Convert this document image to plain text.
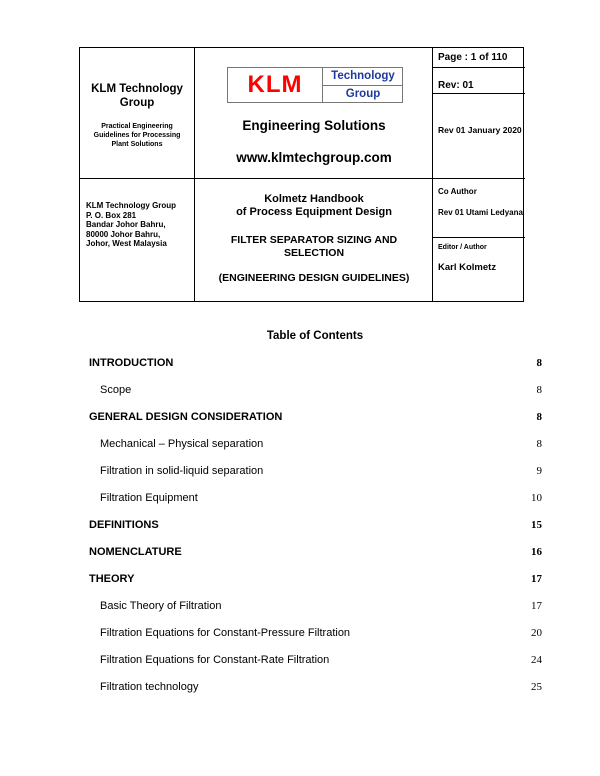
KLM Technology
Group
Practical Engineering
Guidelines for Processing
Plant Solutions
KLM	Technology
Group
Engineering Solutions
www.klmtechgroup.com
Page : 1 of 110
Rev: 01
Rev 01 January 2020
KLM Technology Group
P. O. Box 281
Bandar Johor Bahru,
80000 Johor Bahru,
Johor, West Malaysia
Kolmetz Handbook
of Process Equipment Design
FILTER SEPARATOR SIZING AND
SELECTION
(ENGINEERING DESIGN GUIDELINES)
Co Author
Rev 01 Utami Ledyana
Editor / Author
Karl Kolmetz
Table of Contents
INTRODUCTION	8
Scope	8
GENERAL DESIGN CONSIDERATION	8
Mechanical – Physical separation	8
Filtration in solid-liquid separation	9
Filtration Equipment	10
DEFINITIONS	15
NOMENCLATURE	16
THEORY	17
Basic Theory of Filtration	17
Filtration Equations for Constant-Pressure Filtration	20
Filtration Equations for Constant-Rate Filtration	24
Filtration technology	25
